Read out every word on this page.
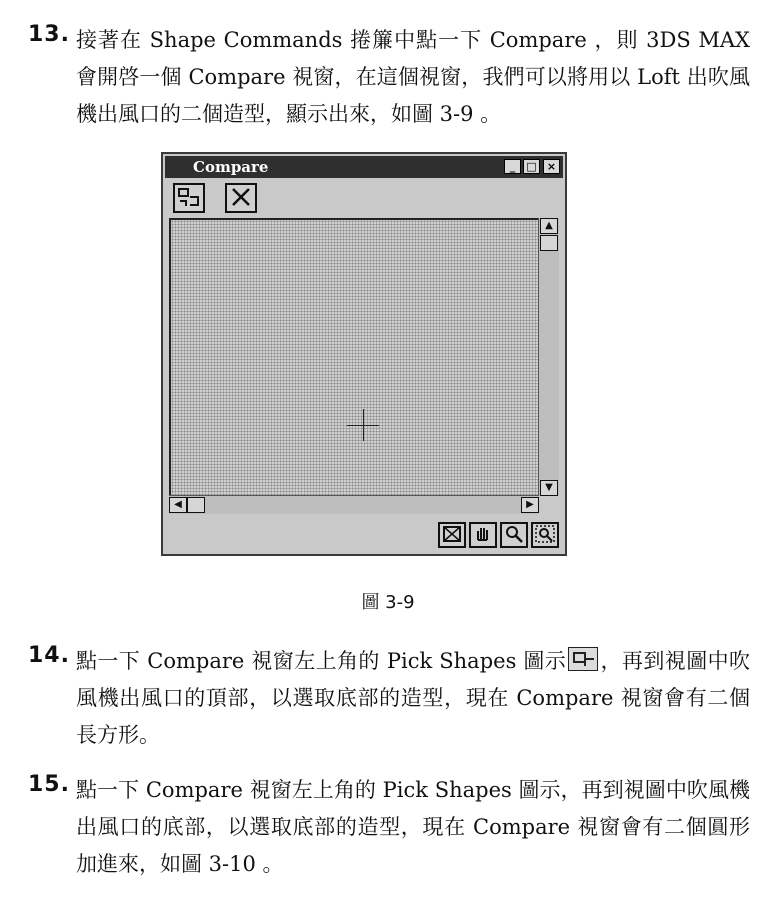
13. 接著在 Shape Commands 捲簾中點一下 Compare ，則 3DS MAX 會開啓一個 Compare 視窗，在這個視窗，我們可以將用以 Loft 出吹風機出風口的二個造型，顯示出來，如圖 3-9 。
Compare	_	□ ×
▲
▼
◀	▶
圖 3-9
14. 點一下 Compare 視窗左上角的 Pick Shapes 圖示 ，再到視圖中吹風機出風口的頂部，以選取底部的造型，現在 Compare 視窗會有二個長方形。
15. 點一下 Compare 視窗左上角的 Pick Shapes 圖示，再到視圖中吹風機出風口的底部，以選取底部的造型，現在 Compare 視窗會有二個圓形加進來，如圖 3-10 。
